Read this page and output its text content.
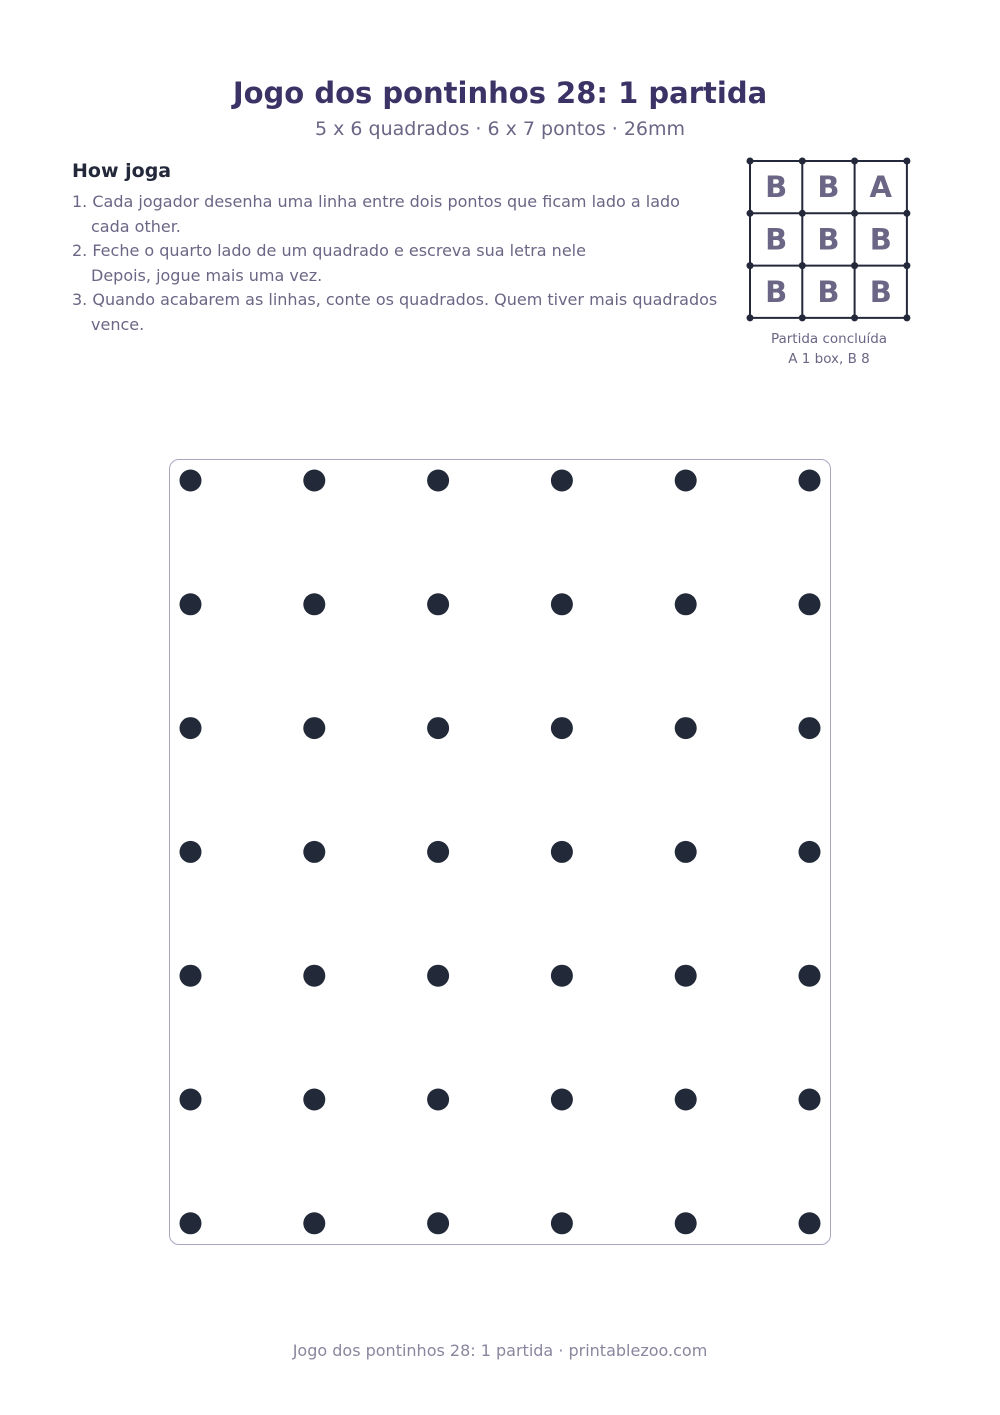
Jogo dos pontinhos 28: 1 partida
5 x 6 quadrados · 6 x 7 pontos · 26mm
How joga
1. Cada jogador desenha uma linha entre dois pontos que ficam lado a lado
cada other.
2. Feche o quarto lado de um quadrado e escreva sua letra nele
Depois, jogue mais uma vez.
3. Quando acabarem as linhas, conte os quadrados. Quem tiver mais quadrados
vence.
B B A
B B B
B B B
Partida concluída
A 1 box, B 8
Jogo dos pontinhos 28: 1 partida · printablezoo.com
